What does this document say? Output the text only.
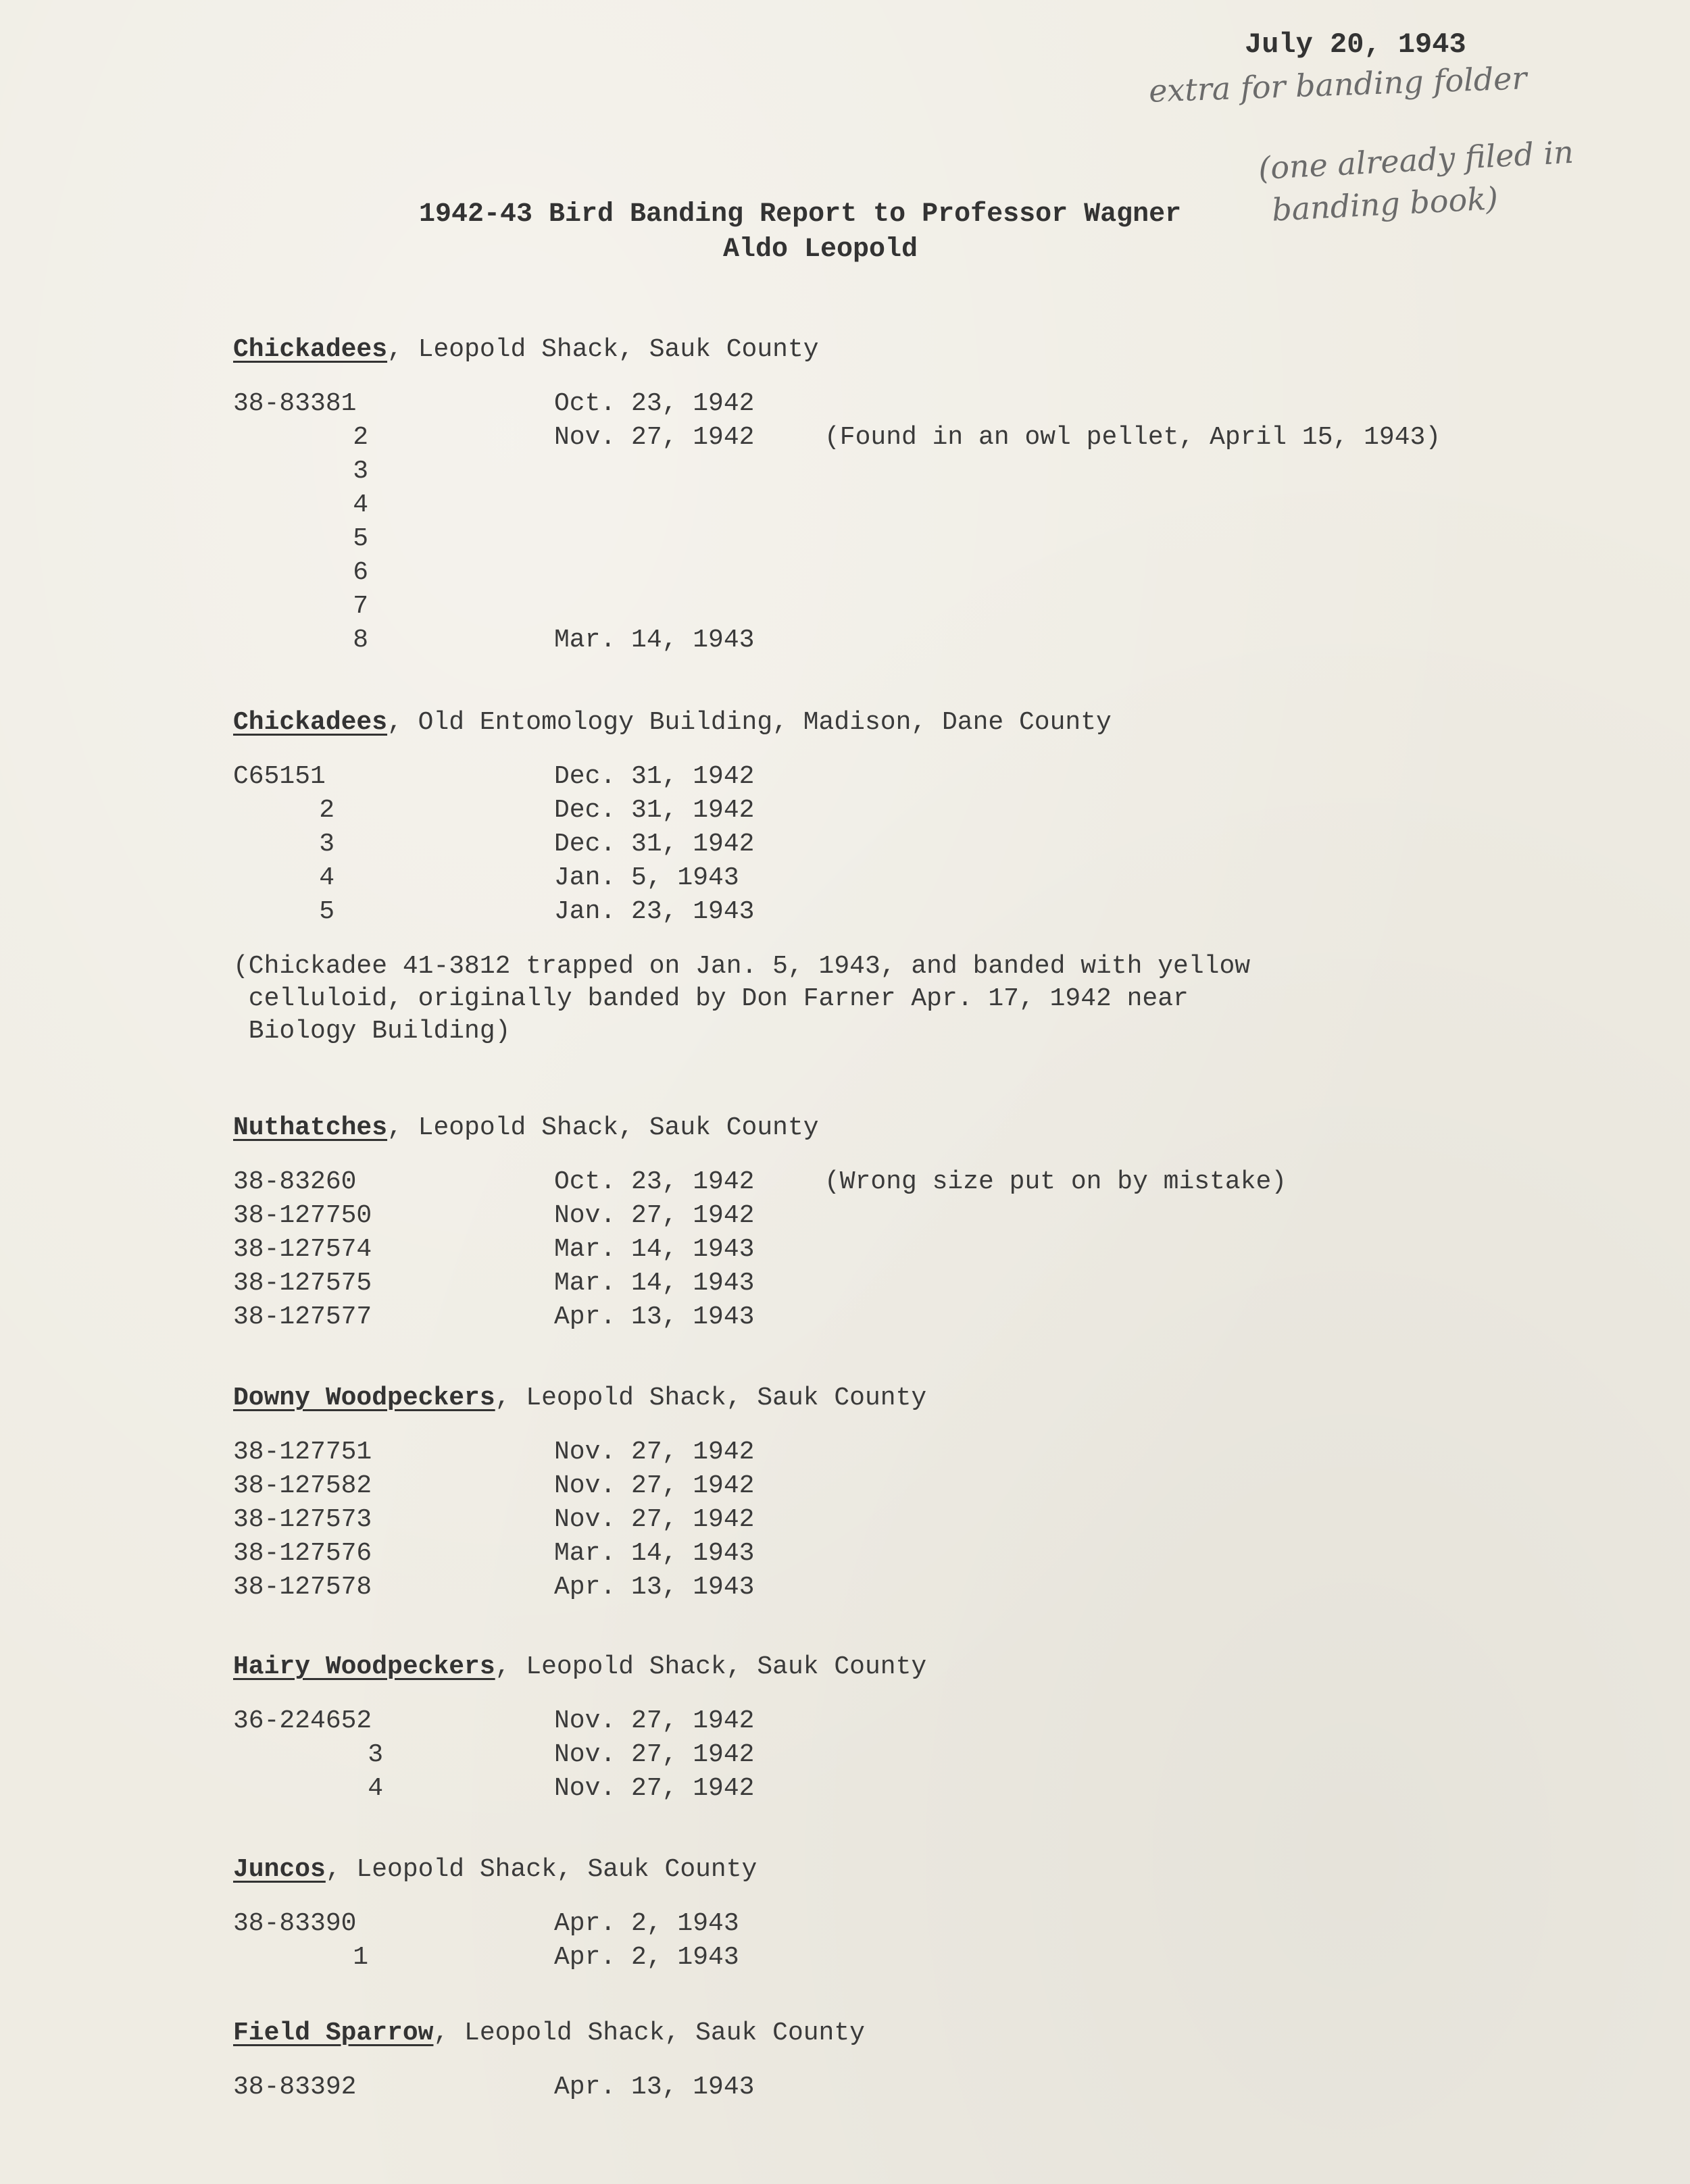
July 20, 1943
extra for banding folder
(one already filed in
banding book)
1942-43 Bird Banding Report to Professor Wagner
Aldo Leopold
Chickadees, Leopold Shack, Sauk County
38-83381	Oct. 23, 1942
2	Nov. 27, 1942	(Found in an owl pellet, April 15, 1943)
3
4
5
6
7
8	Mar. 14, 1943
Chickadees, Old Entomology Building, Madison, Dane County
C65151	Dec. 31, 1942
2	Dec. 31, 1942
3	Dec. 31, 1942
4	Jan. 5, 1943
5	Jan. 23, 1943
(Chickadee 41-3812 trapped on Jan. 5, 1943, and banded with yellow
celluloid, originally banded by Don Farner Apr. 17, 1942 near
Biology Building)
Nuthatches, Leopold Shack, Sauk County
38-83260	Oct. 23, 1942	(Wrong size put on by mistake)
38-127750	Nov. 27, 1942
38-127574	Mar. 14, 1943
38-127575	Mar. 14, 1943
38-127577	Apr. 13, 1943
Downy Woodpeckers, Leopold Shack, Sauk County
38-127751	Nov. 27, 1942
38-127582	Nov. 27, 1942
38-127573	Nov. 27, 1942
38-127576	Mar. 14, 1943
38-127578	Apr. 13, 1943
Hairy Woodpeckers, Leopold Shack, Sauk County
36-224652	Nov. 27, 1942
3	Nov. 27, 1942
4	Nov. 27, 1942
Juncos, Leopold Shack, Sauk County
38-83390	Apr. 2, 1943
1	Apr. 2, 1943
Field Sparrow, Leopold Shack, Sauk County
38-83392	Apr. 13, 1943
